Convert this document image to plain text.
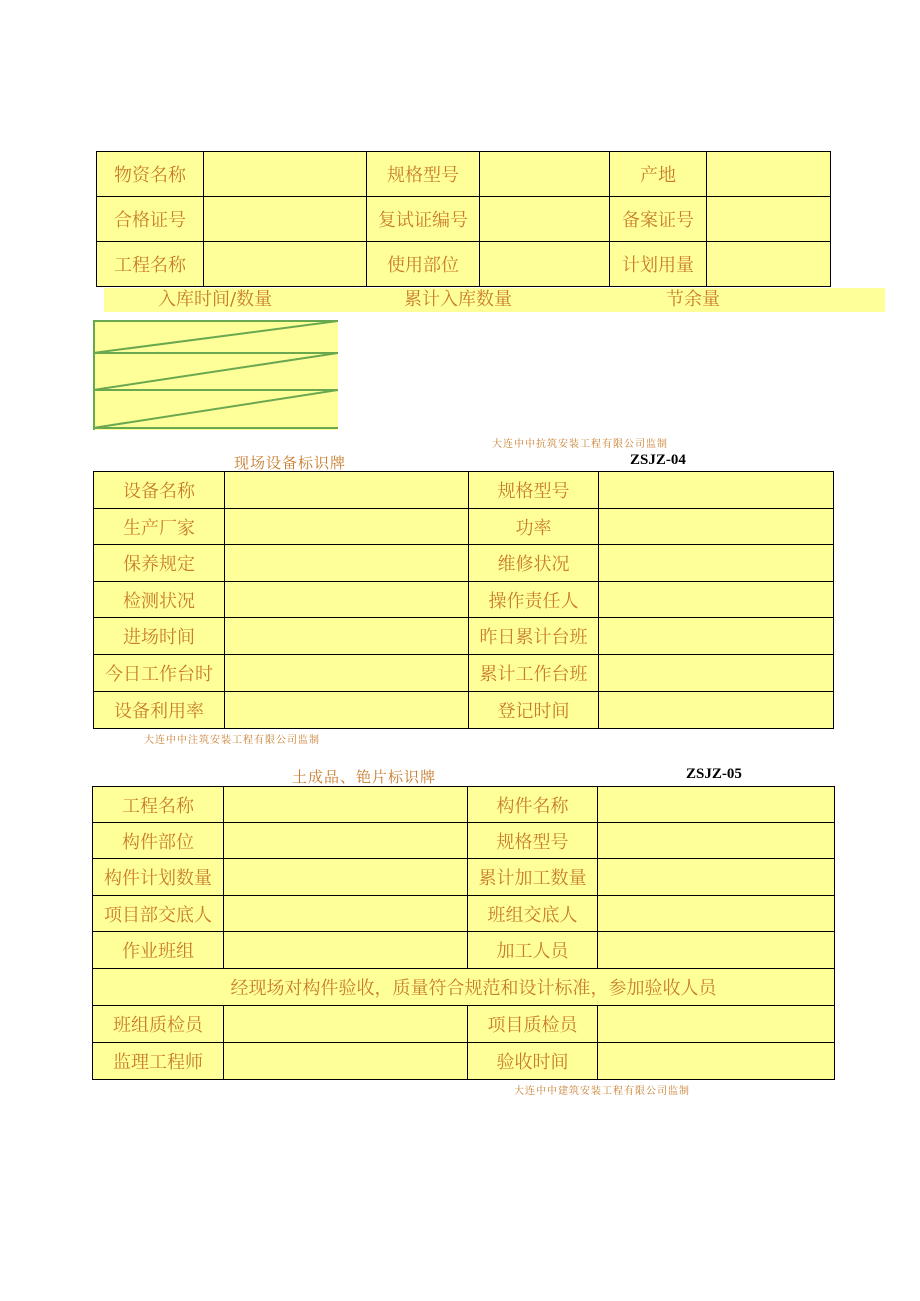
物资名称		规格型号		产地	
合格证号		复试证编号		备案证号	
工程名称		使用部位		计划用量	
入库时间/数量	累计入库数量	节余量
大连中中抗筑安装工程有限公司监制
现场设备标识牌	ZSJZ-04
设备名称		规格型号	
生产厂家		功率	
保养规定		维修状况	
检测状况		操作责任人	
进场时间		昨日累计台班	
今日工作台时		累计工作台班	
设备利用率		登记时间	
大连中中注筑安装工程有限公司监制
土成品、铯片标识牌	ZSJZ-05
工程名称		构件名称	
构件部位		规格型号	
构件计划数量		累计加工数量	
项目部交底人		班组交底人	
作业班组		加工人员	
经现场对构件验收，质量符合规范和设计标准，参加验收人员			
班组质检员		项目质检员	
监理工程师		验收时间	
大连中中建筑安装工程有限公司监制
